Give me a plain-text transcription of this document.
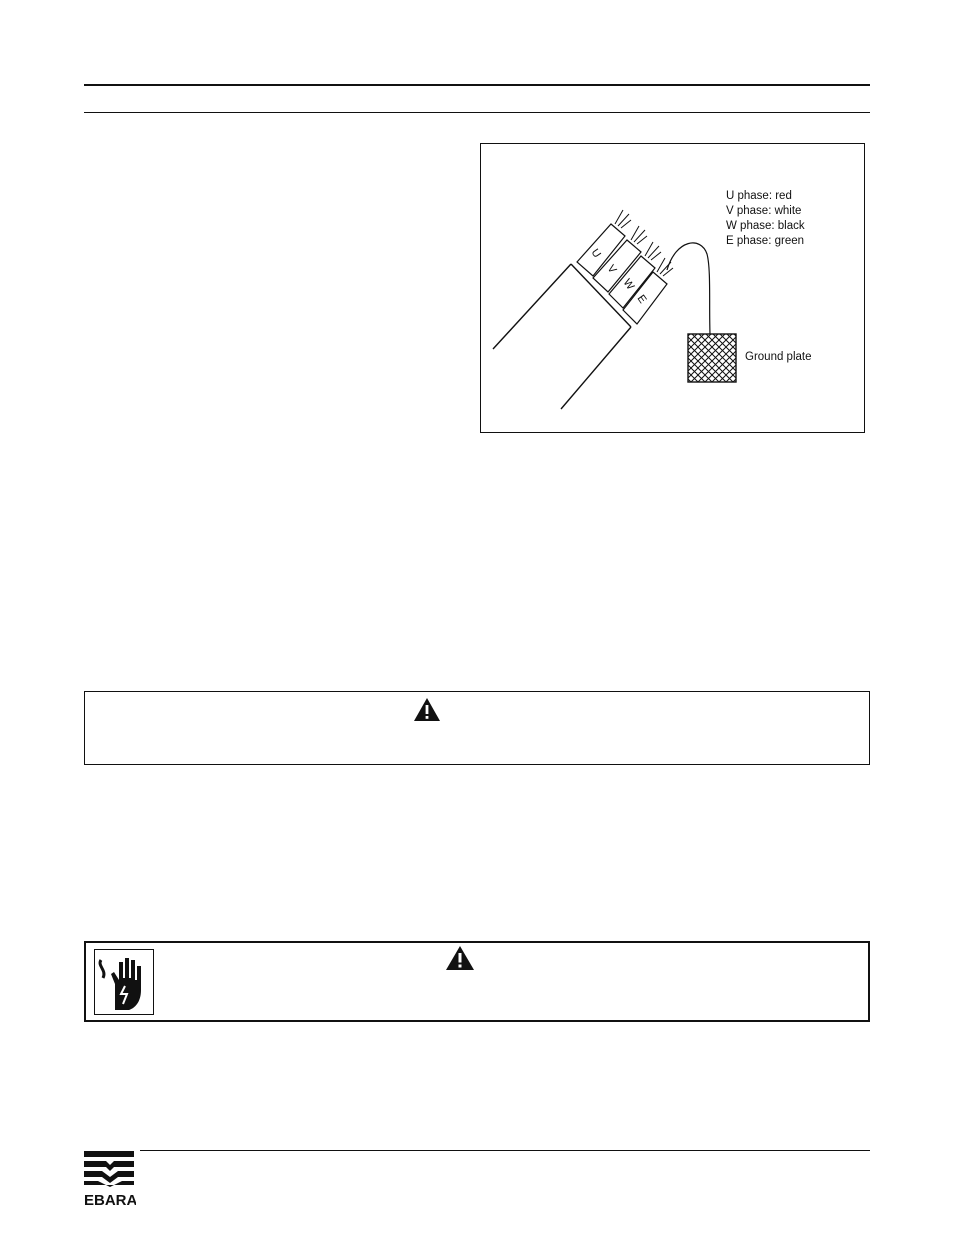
U
V
W
E
U phase: red
V phase: white
W phase: black
E phase: green
Ground plate
EBARA
